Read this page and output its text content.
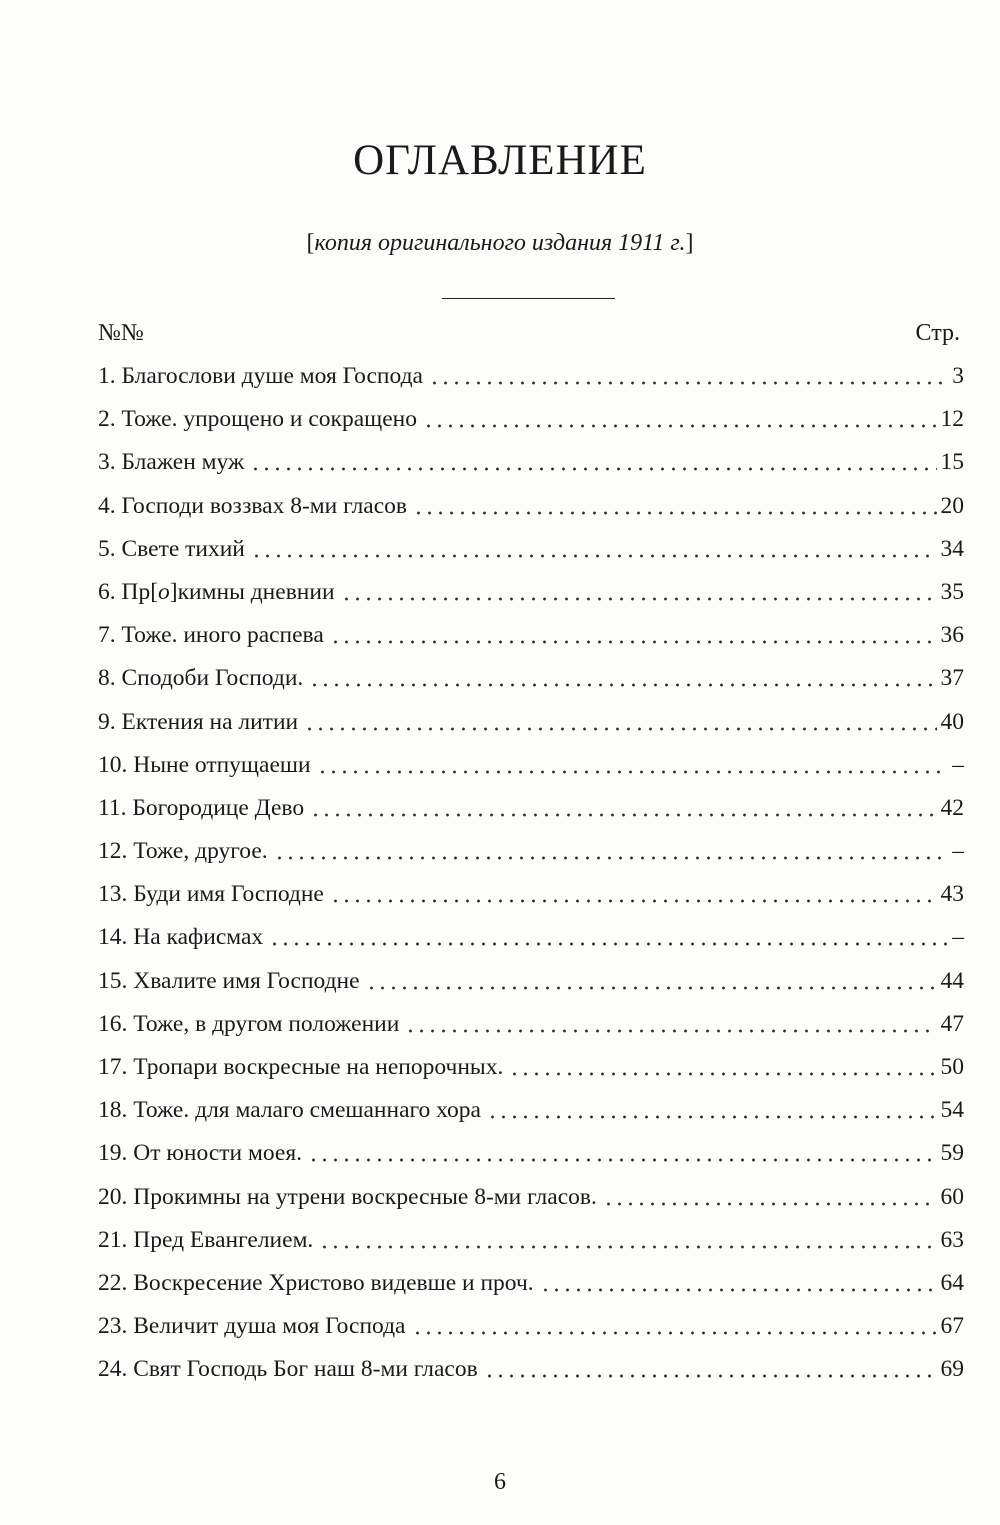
ОГЛАВЛЕНИЕ
[копия оригинального издания 1911 г.]
№№	Стр.
1. Благослови душе моя Господа	3
2. Тоже. упрощено и сокращено	12
3. Блажен муж	15
4. Господи воззвах 8-ми гласов	20
5. Свете тихий	34
6. Пр[о]кимны дневнии	35
7. Тоже. иного распева	36
8. Сподоби Господи.	37
9. Ектения на литии	40
10. Ныне отпущаеши	–
11. Богородице Дево	42
12. Тоже, другое.	–
13. Буди имя Господне	43
14. На кафисмах	–
15. Хвалите имя Господне	44
16. Тоже, в другом положении	47
17. Тропари воскресные на непорочных.	50
18. Тоже. для малаго смешаннаго хора	54
19. От юности моея.	59
20. Прокимны на утрени воскресные 8-ми гласов.	60
21. Пред Евангелием.	63
22. Воскресение Христово видевше и проч.	64
23. Величит душа моя Господа	67
24. Свят Господь Бог наш 8-ми гласов	69
6
